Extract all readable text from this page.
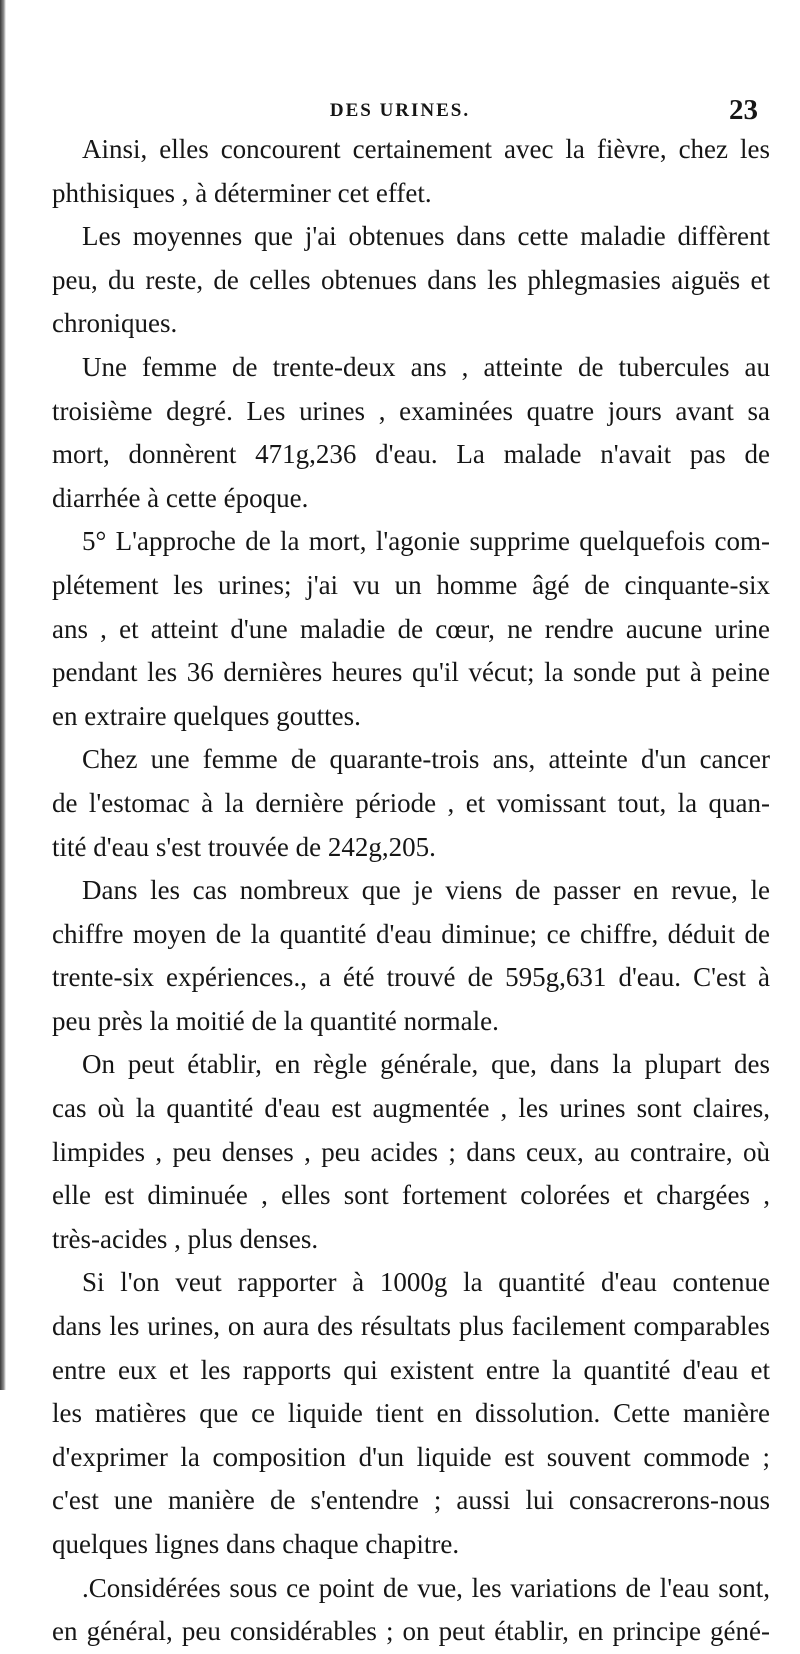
DES URINES.	23
Ainsi, elles concourent certainement avec la fièvre, chez les
phthisiques , à déterminer cet effet.
Les moyennes que j'ai obtenues dans cette maladie diffèrent
peu, du reste, de celles obtenues dans les phlegmasies aiguës et
chroniques.
Une femme de trente-deux ans , atteinte de tubercules au
troisième degré. Les urines , examinées quatre jours avant sa
mort, donnèrent 471g,236 d'eau. La malade n'avait pas de
diarrhée à cette époque.
5° L'approche de la mort, l'agonie supprime quelquefois com-
plétement les urines; j'ai vu un homme âgé de cinquante-six
ans , et atteint d'une maladie de cœur, ne rendre aucune urine
pendant les 36 dernières heures qu'il vécut; la sonde put à peine
en extraire quelques gouttes.
Chez une femme de quarante-trois ans, atteinte d'un cancer
de l'estomac à la dernière période , et vomissant tout, la quan-
tité d'eau s'est trouvée de 242g,205.
Dans les cas nombreux que je viens de passer en revue, le
chiffre moyen de la quantité d'eau diminue; ce chiffre, déduit de
trente-six expériences., a été trouvé de 595g,631 d'eau. C'est à
peu près la moitié de la quantité normale.
On peut établir, en règle générale, que, dans la plupart des
cas où la quantité d'eau est augmentée , les urines sont claires,
limpides , peu denses , peu acides ; dans ceux, au contraire, où
elle est diminuée , elles sont fortement colorées et chargées ,
très-acides , plus denses.
Si l'on veut rapporter à 1000g la quantité d'eau contenue
dans les urines, on aura des résultats plus facilement comparables
entre eux et les rapports qui existent entre la quantité d'eau et
les matières que ce liquide tient en dissolution. Cette manière
d'exprimer la composition d'un liquide est souvent commode ;
c'est une manière de s'entendre ; aussi lui consacrerons-nous
quelques lignes dans chaque chapitre.
.Considérées sous ce point de vue, les variations de l'eau sont,
en général, peu considérables ; on peut établir, en principe géné-
